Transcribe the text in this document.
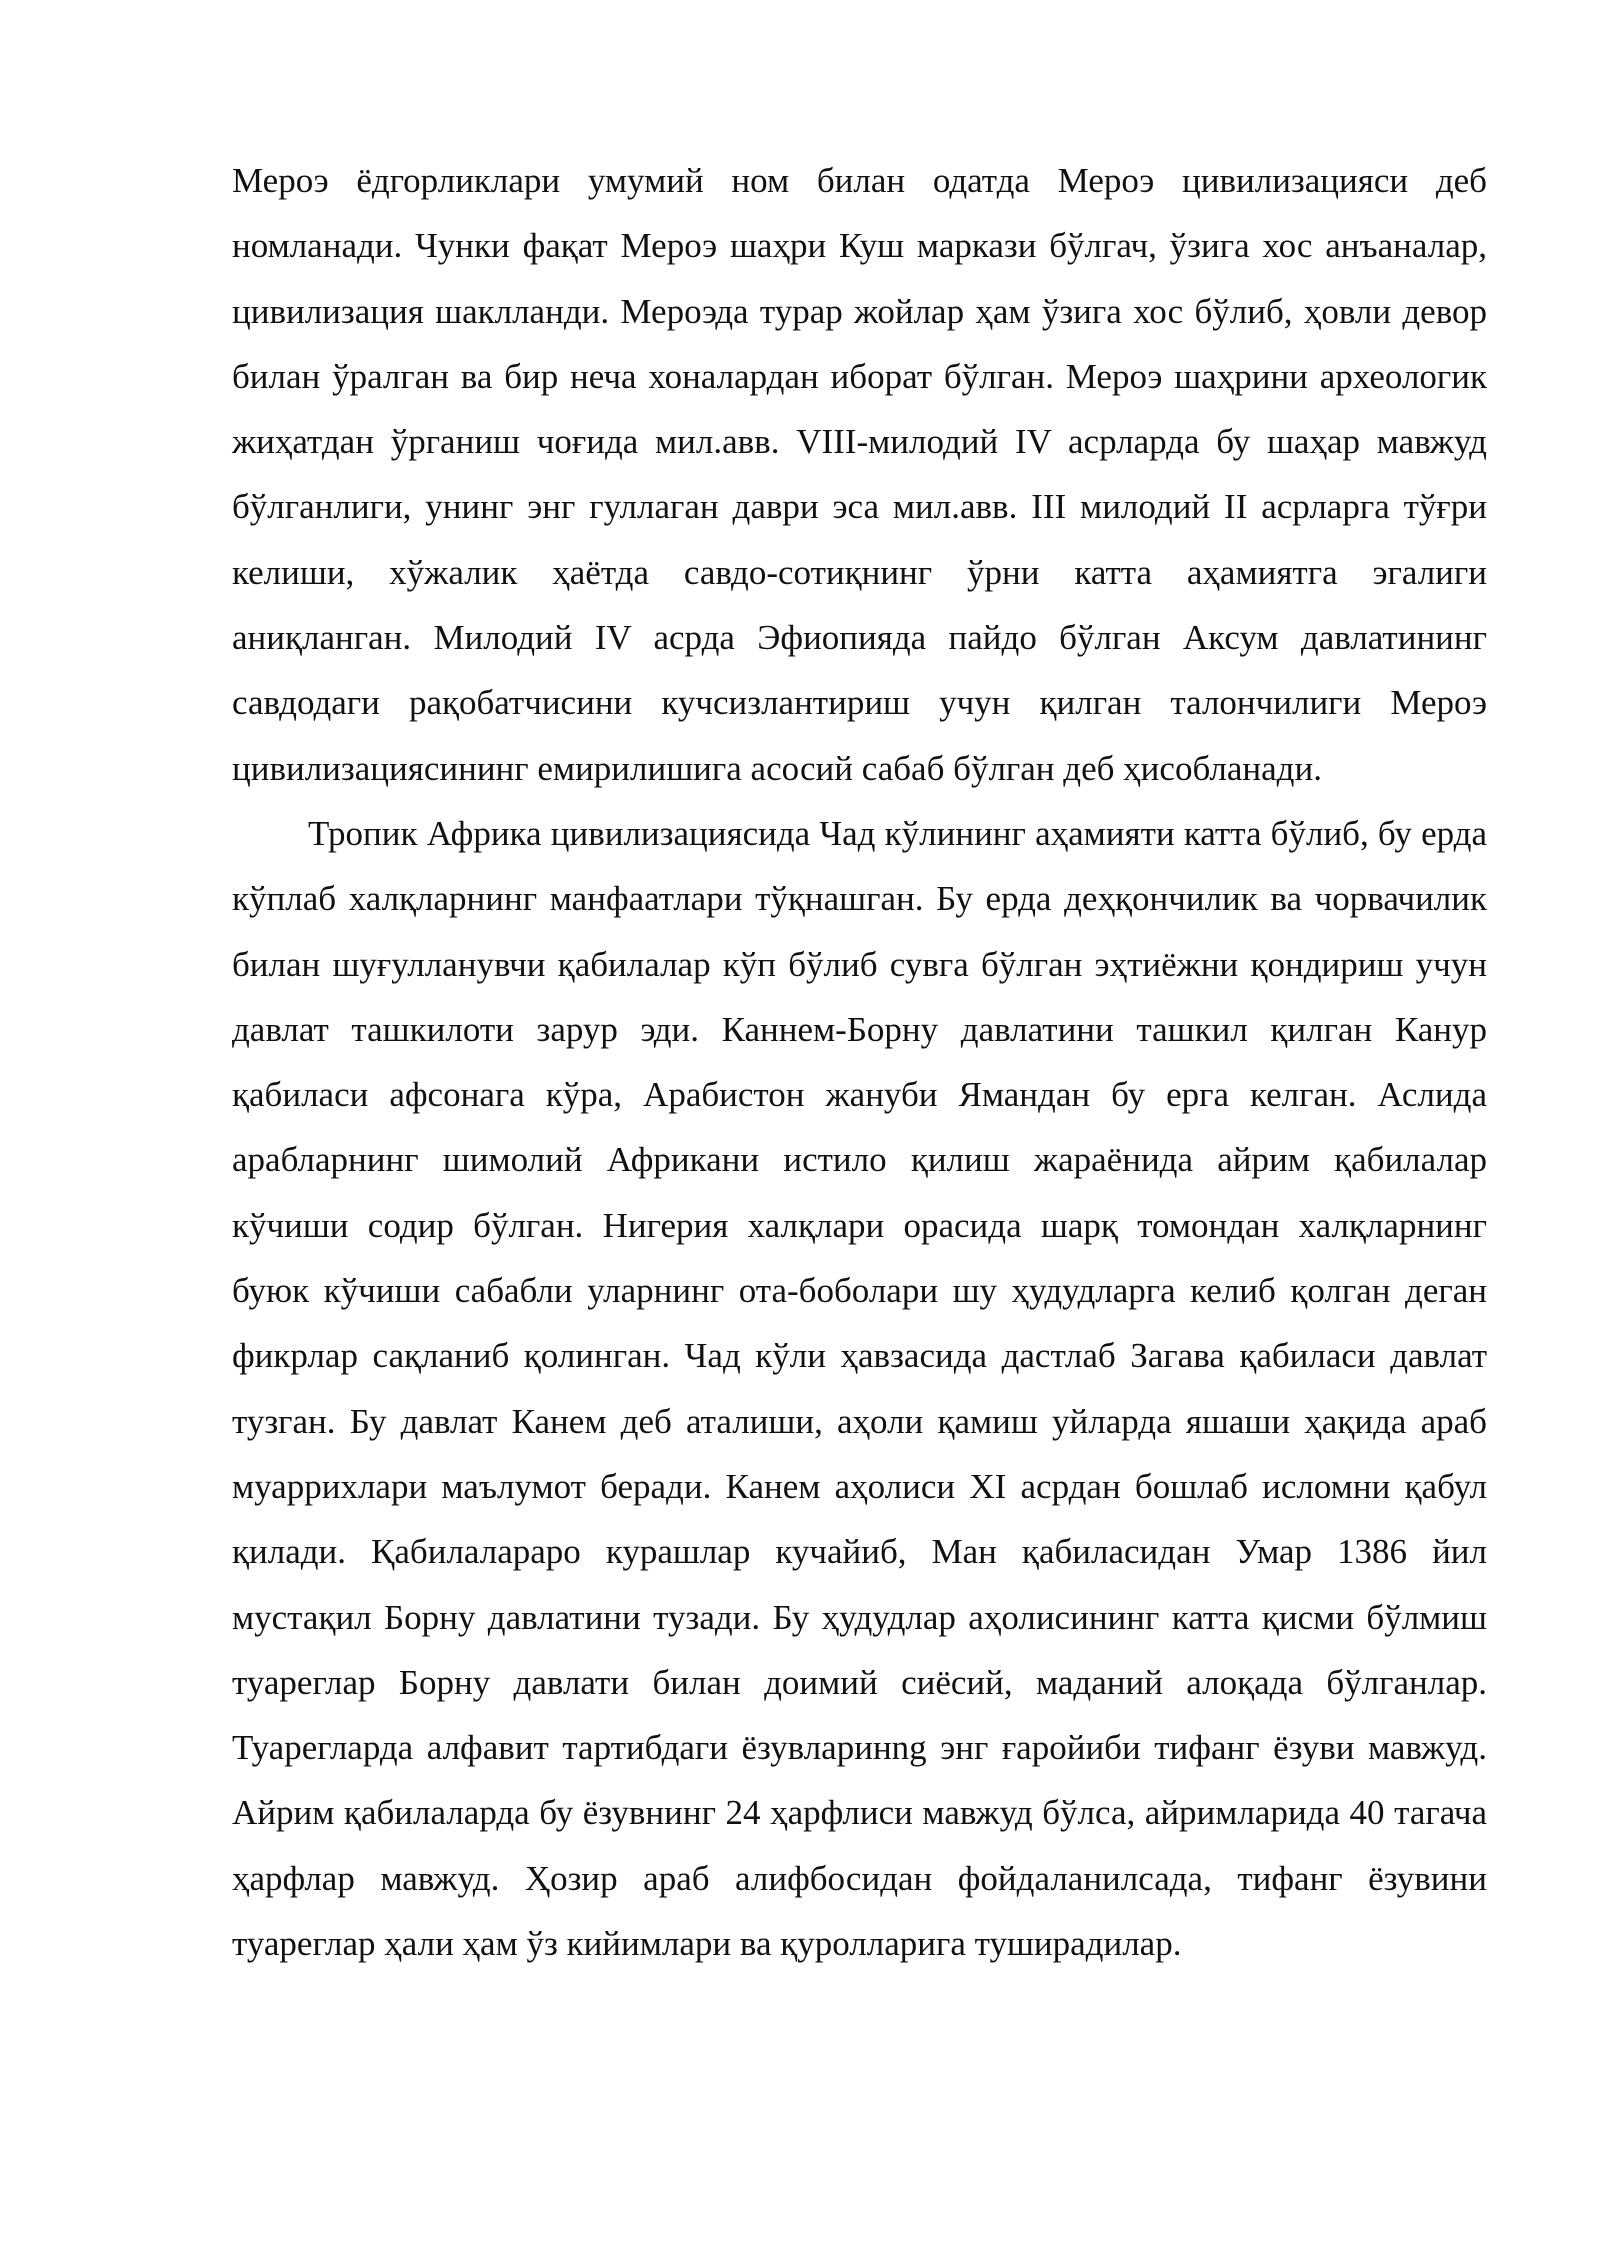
Мероэ ёдгорликлари умумий ном билан одатда Мероэ цивилизацияси деб номланади. Чунки фақат Мероэ шаҳри Куш маркази бўлгач, ўзига хос анъаналар, цивилизация шаклланди. Мероэда турар жойлар ҳам ўзига хос бўлиб, ҳовли девор билан ўралган ва бир неча хоналардан иборат бўлган. Мероэ шаҳрини археологик жиҳатдан ўрганиш чоғида мил.авв. VIII-милодий IV асрларда бу шаҳар мавжуд бўлганлиги, унинг энг гуллаган даври эса мил.авв. III милодий II асрларга тўғри келиши, хўжалик ҳаётда савдо-сотиқнинг ўрни катта аҳамиятга эгалиги аниқланган. Милодий IV асрда Эфиопияда пайдо бўлган Аксум давлатининг савдодаги рақобатчисини кучсизлантириш учун қилган талончилиги Мероэ цивилизациясининг емирилишига асосий сабаб бўлган деб ҳисобланади.

Тропик Африка цивилизациясида Чад кўлининг аҳамияти катта бўлиб, бу ерда кўплаб халқларнинг манфаатлари тўқнашган. Бу ерда деҳқончилик ва чорвачилик билан шуғулланувчи қабилалар кўп бўлиб сувга бўлган эҳтиёжни қондириш учун давлат ташкилоти зарур эди. Каннем-Борну давлатини ташкил қилган Канур қабиласи афсонага кўра, Арабистон жануби Ямандан бу ерга келган. Аслида арабларнинг шимолий Африкани истило қилиш жараёнида айрим қабилалар кўчиши содир бўлган. Нигерия халқлари орасида шарқ томондан халқларнинг буюк кўчиши сабабли уларнинг ота-боболари шу ҳудудларга келиб қолган деган фикрлар сақланиб қолинган. Чад кўли ҳавзасида дастлаб Загава қабиласи давлат тузган. Бу давлат Канем деб аталиши, аҳоли қамиш уйларда яшаши ҳақида араб муаррихлари маълумот беради. Канем аҳолиси XI асрдан бошлаб исломни қабул қилади. Қабилалараро курашлар кучайиб, Ман қабиласидан Умар 1386 йил мустақил Борну давлатини тузади. Бу ҳудудлар аҳолисининг катта қисми бўлмиш туареглар Борну давлати билан доимий сиёсий, маданий алоқада бўлганлар. Туарегларда алфавит тартибдаги ёзувларинng энг ғаройиби тифанг ёзуви мавжуд. Айрим қабилаларда бу ёзувнинг 24 ҳарфлиси мавжуд бўлса, айримларида 40 тагача ҳарфлар мавжуд. Ҳозир араб алифбосидан фойдаланилсада, тифанг ёзувини туареглар ҳали ҳам ўз кийимлари ва қуролларига туширадилар.
